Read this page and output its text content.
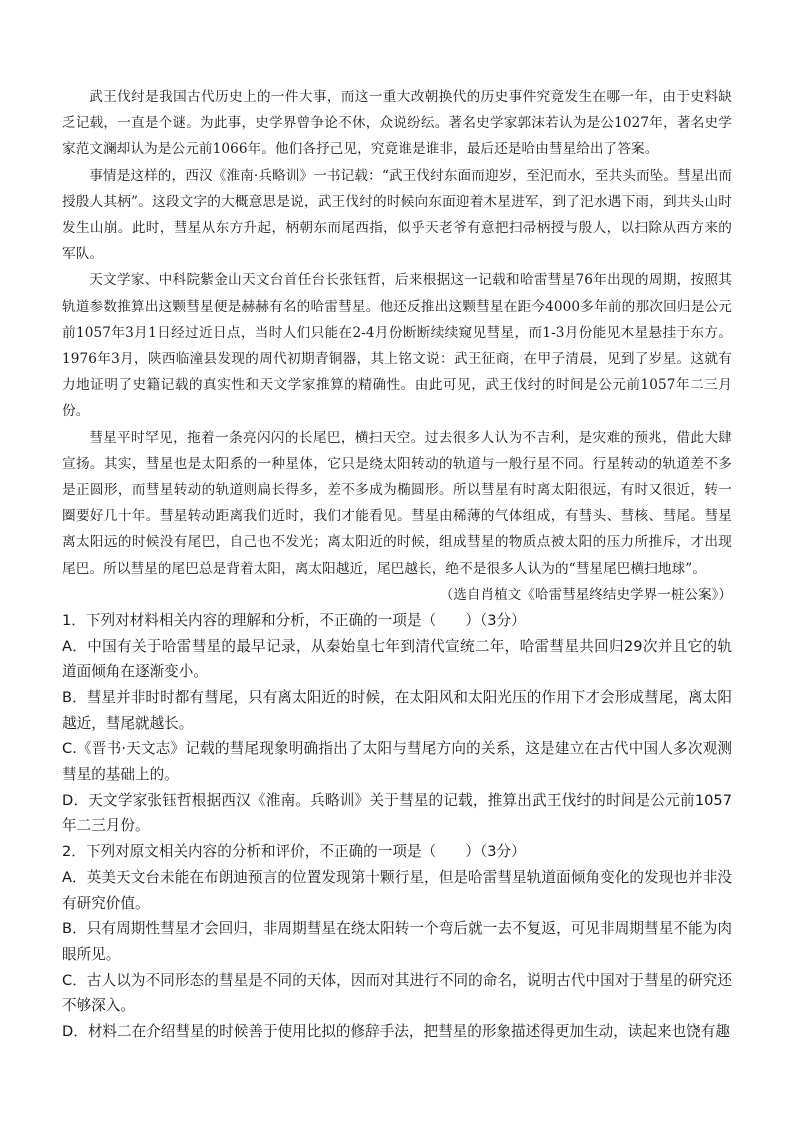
武王伐纣是我国古代历史上的一件大事，而这一重大改朝换代的历史事件究竟发生在哪一年，由于史料缺乏记载，一直是个谜。为此事，史学界曾争论不休，众说纷纭。著名史学家郭沫若认为是公1027年，著名史学家范文澜却认为是公元前1066年。他们各抒己见，究竟谁是谁非，最后还是哈由彗星给出了答案。

事情是这样的，西汉《淮南·兵略训》一书记载：“武王伐纣东面而迎岁，至汜而水，至共头而坠。彗星出而授殷人其柄”。这段文字的大概意思是说，武王伐纣的时候向东面迎着木星进军，到了汜水遇下雨，到共头山时发生山崩。此时，彗星从东方升起，柄朝东而尾西指，似乎天老爷有意把扫帚柄授与殷人，以扫除从西方来的军队。

天文学家、中科院紫金山天文台首任台长张钰哲，后来根据这一记载和哈雷彗星76年出现的周期，按照其轨道参数推算出这颗彗星便是赫赫有名的哈雷彗星。他还反推出这颗彗星在距今4000多年前的那次回归是公元前1057年3月1日经过近日点，当时人们只能在2-4月份断断续续窥见彗星，而1-3月份能见木星悬挂于东方。1976年3月，陕西临潼县发现的周代初期青铜器，其上铭文说：武王征商，在甲子清晨，见到了岁星。这就有力地证明了史籍记载的真实性和天文学家推算的精确性。由此可见，武王伐纣的时间是公元前1057年二三月份。

彗星平时罕见，拖着一条亮闪闪的长尾巴，横扫天空。过去很多人认为不吉利，是灾难的预兆，借此大肆宣扬。其实，彗星也是太阳系的一种星体，它只是绕太阳转动的轨道与一般行星不同。行星转动的轨道差不多是正圆形，而彗星转动的轨道则扁长得多，差不多成为椭圆形。所以彗星有时离太阳很远，有时又很近，转一圈要好几十年。彗星转动距离我们近时，我们才能看见。彗星由稀薄的气体组成，有彗头、彗核、彗尾。彗星离太阳远的时候没有尾巴，自己也不发光；离太阳近的时候，组成彗星的物质点被太阳的压力所推斥，才出现尾巴。所以彗星的尾巴总是背着太阳，离太阳越近，尾巴越长，绝不是很多人认为的“彗星尾巴横扫地球”。

（选自肖植文《哈雷彗星终结史学界一桩公案》）

1．下列对材料相关内容的理解和分析，不正确的一项是（　　）（3分）

A．中国有关于哈雷彗星的最早记录，从秦始皇七年到清代宣统二年，哈雷彗星共回归29次并且它的轨道面倾角在逐渐变小。

B．彗星并非时时都有彗尾，只有离太阳近的时候，在太阳风和太阳光压的作用下才会形成彗尾，离太阳越近，彗尾就越长。

C.《晋书·天文志》记载的彗尾现象明确指出了太阳与彗尾方向的关系，这是建立在古代中国人多次观测彗星的基础上的。

D．天文学家张钰哲根据西汉《淮南。兵略训》关于彗星的记载，推算出武王伐纣的时间是公元前1057年二三月份。

2．下列对原文相关内容的分析和评价，不正确的一项是（　　）（3分）

A．英美天文台未能在布朗迪预言的位置发现第十颗行星，但是哈雷彗星轨道面倾角变化的发现也并非没有研究价值。

B．只有周期性彗星才会回归，非周期彗星在绕太阳转一个弯后就一去不复返，可见非周期彗星不能为肉眼所见。

C．古人以为不同形态的彗星是不同的天体，因而对其进行不同的命名，说明古代中国对于彗星的研究还不够深入。

D．材料二在介绍彗星的时候善于使用比拟的修辞手法，把彗星的形象描述得更加生动，读起来也饶有趣
